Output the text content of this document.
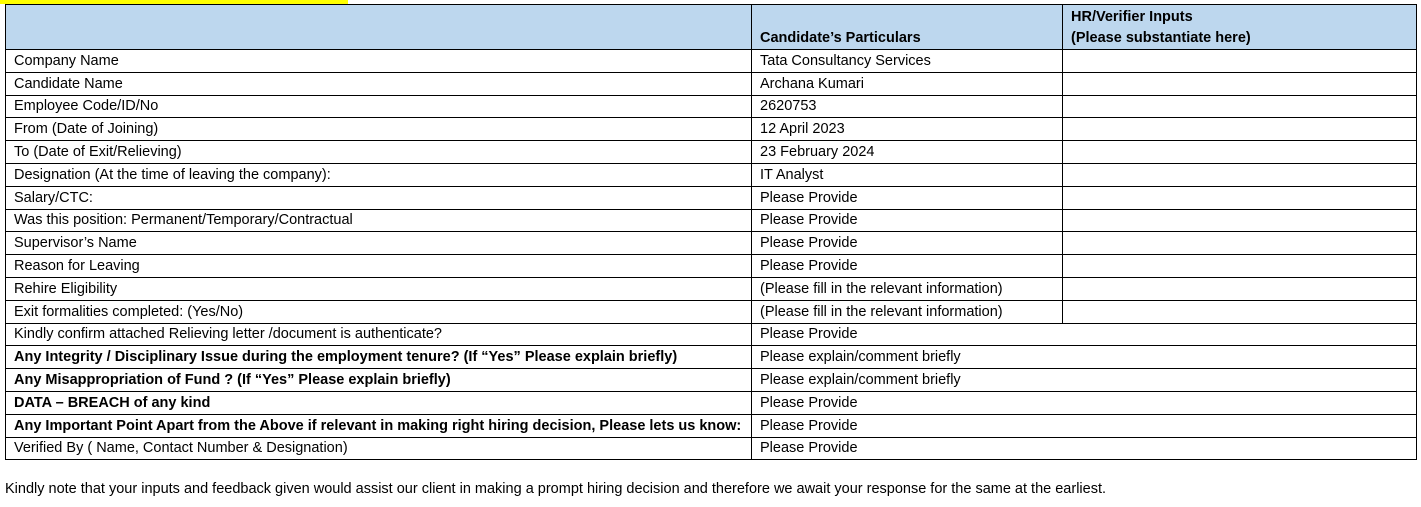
	Candidate’s Particulars	HR/Verifier Inputs
(Please substantiate here)

Company Name	Tata Consultancy Services	
Candidate Name	Archana Kumari	
Employee Code/ID/No	2620753	
From (Date of Joining)	12 April 2023	
To (Date of Exit/Relieving)	23 February 2024	
Designation (At the time of leaving the company):	IT Analyst	
Salary/CTC:	Please Provide	
Was this position: Permanent/Temporary/Contractual	Please Provide	
Supervisor’s Name	Please Provide	
Reason for Leaving	Please Provide	
Rehire Eligibility	(Please fill in the relevant information)	
Exit formalities completed: (Yes/No)	(Please fill in the relevant information)	
Kindly confirm attached Relieving letter /document is authenticate?	Please Provide	
Any Integrity / Disciplinary Issue during the employment tenure? (If “Yes” Please explain briefly)	Please explain/comment briefly	
Any Misappropriation of Fund ? (If “Yes” Please explain briefly)	Please explain/comment briefly	
DATA – BREACH of any kind	Please Provide	
Any Important Point Apart from the Above if relevant in making right hiring decision, Please lets us know:	Please Provide	
Verified By ( Name, Contact Number & Designation)	Please Provide	
Kindly note that your inputs and feedback given would assist our client in making a prompt hiring decision and therefore we await your response for the same at the earliest.
